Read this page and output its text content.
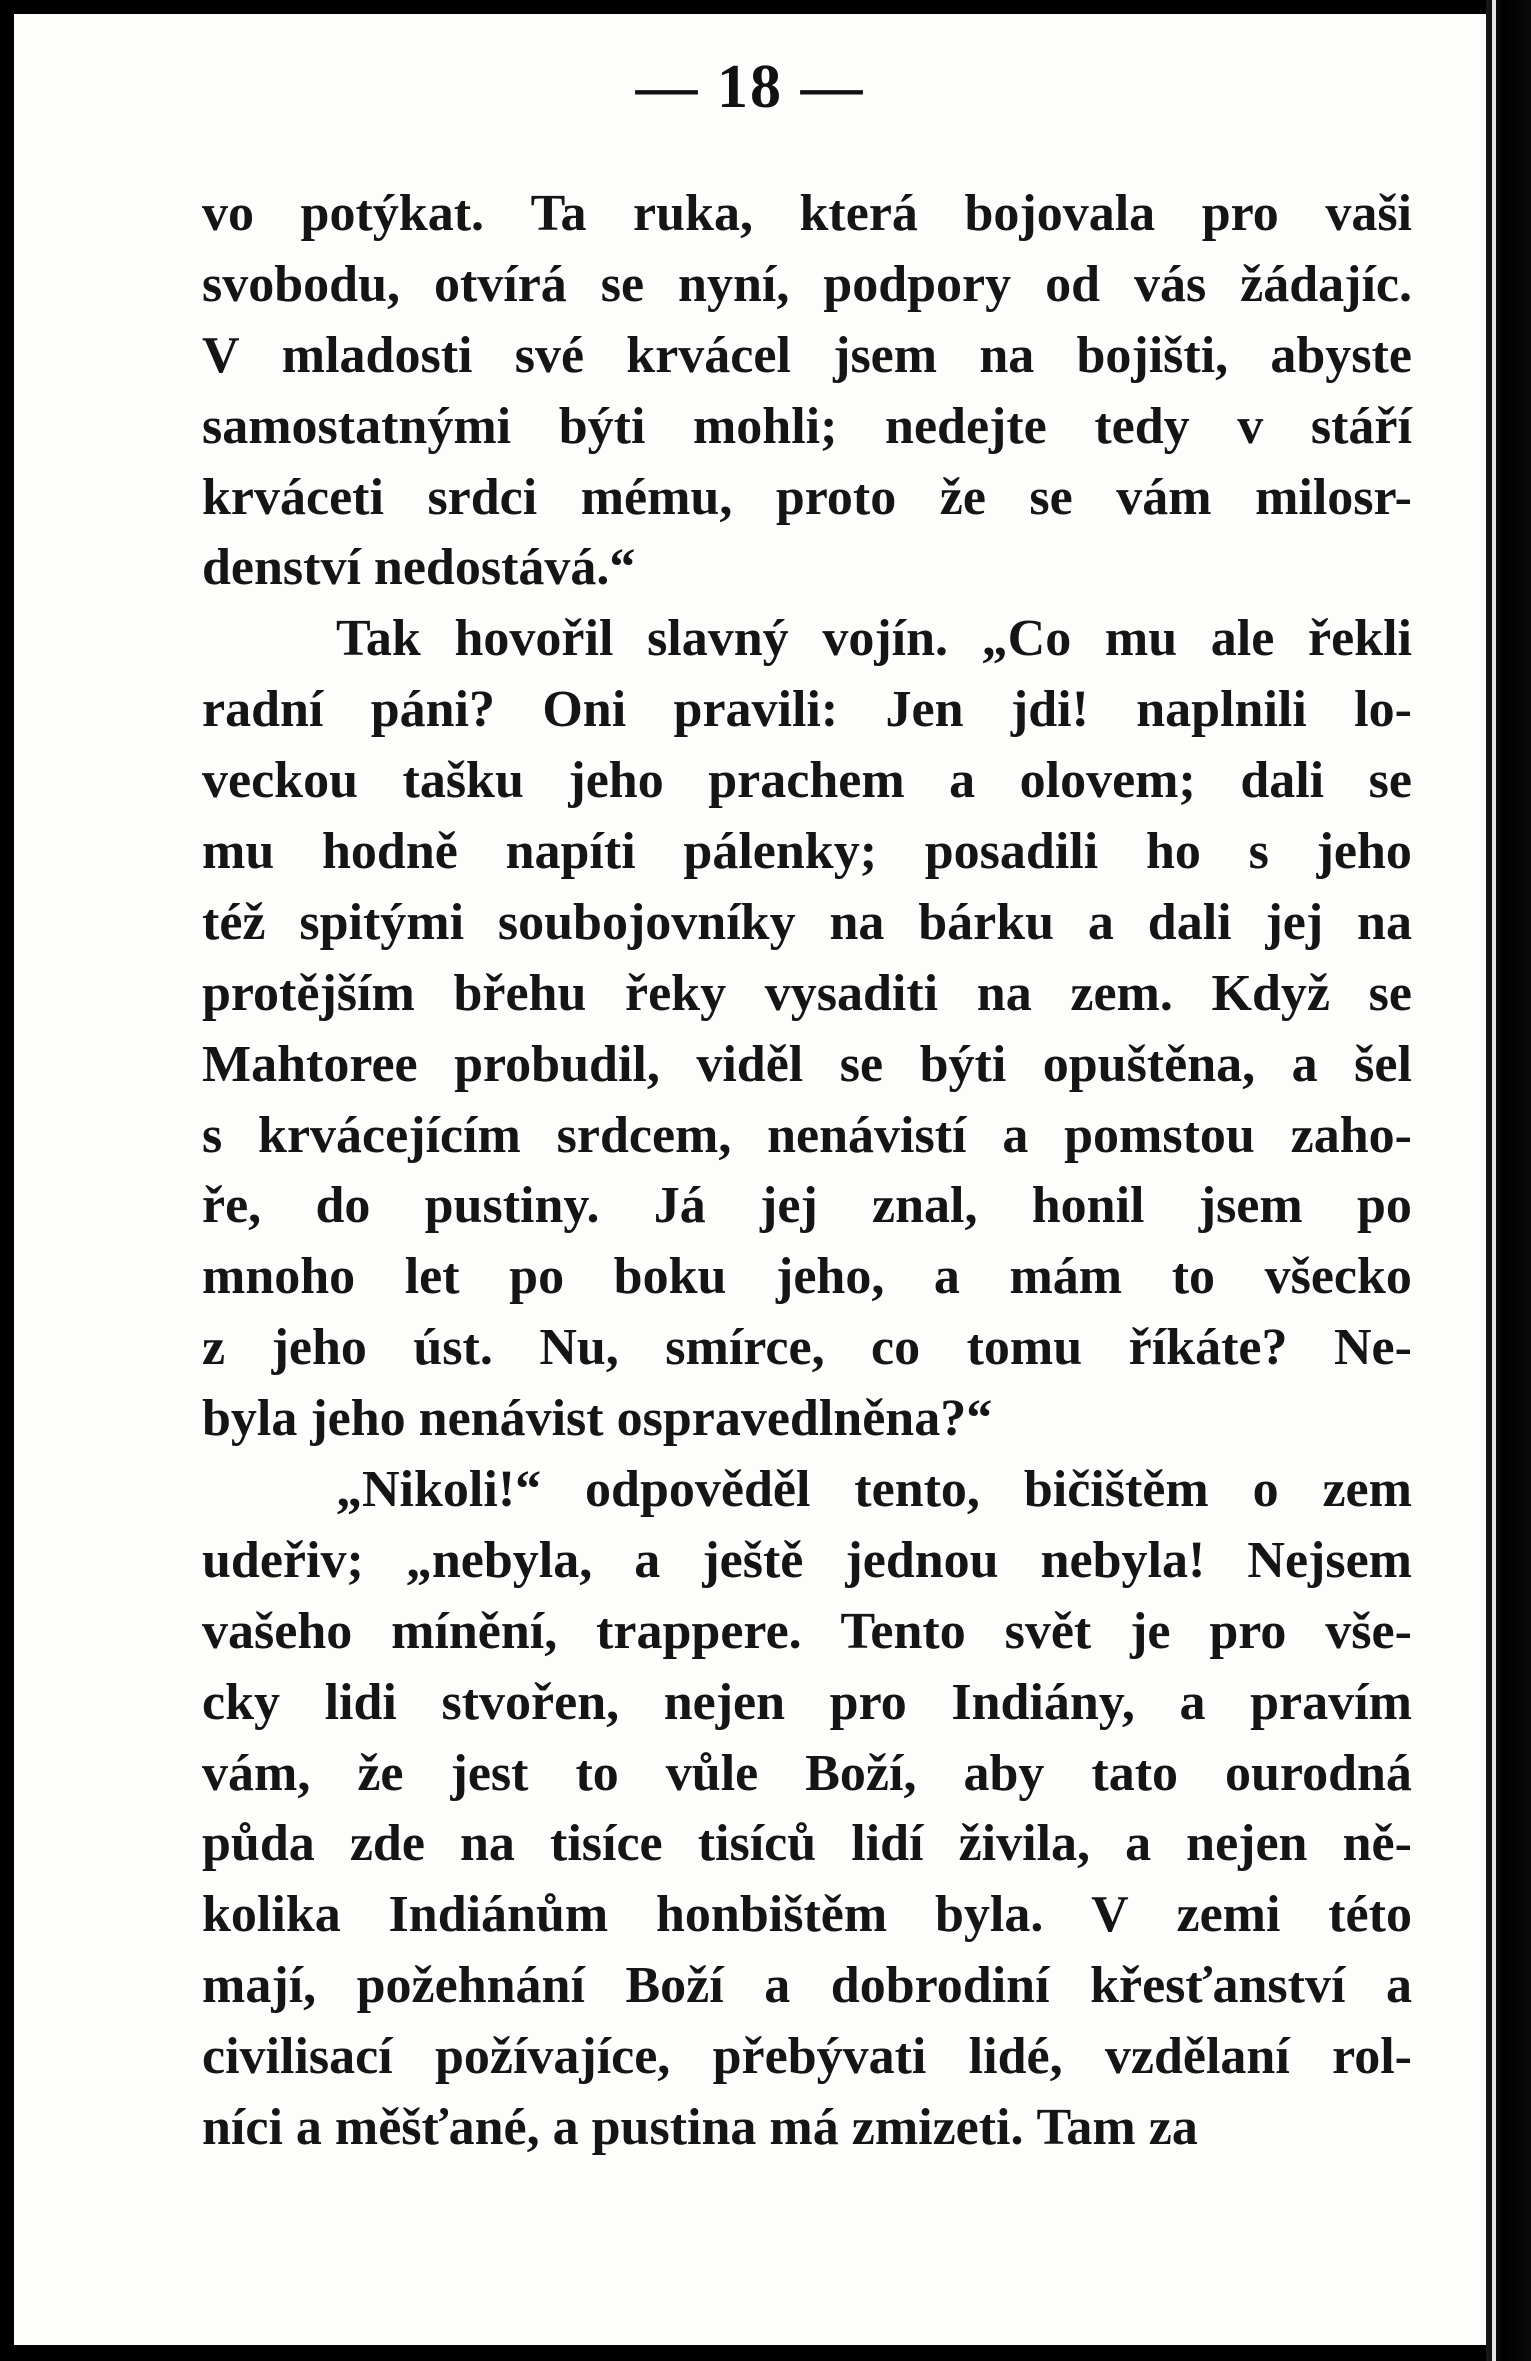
— 18 —
vo potýkat. Ta ruka, která bojovala pro vaši
svobodu, otvírá se nyní, podpory od vás žádajíc.
V mladosti své krvácel jsem na bojišti, abyste
samostatnými býti mohli; nedejte tedy v stáří
krváceti srdci mému, proto že se vám milosr-
denství nedostává.“
Tak hovořil slavný vojín. „Co mu ale řekli
radní páni? Oni pravili: Jen jdi! naplnili lo-
veckou tašku jeho prachem a olovem; dali se
mu hodně napíti pálenky; posadili ho s jeho
též spitými soubojovníky na bárku a dali jej na
protějším břehu řeky vysaditi na zem. Když se
Mahtoree probudil, viděl se býti opuštěna, a šel
s krvácejícím srdcem, nenávistí a pomstou zaho-
ře, do pustiny. Já jej znal, honil jsem po
mnoho let po boku jeho, a mám to všecko
z jeho úst. Nu, smírce, co tomu říkáte? Ne-
byla jeho nenávist ospravedlněna?“
„Nikoli!“ odpověděl tento, bičištěm o zem
udeřiv; „nebyla, a ještě jednou nebyla! Nejsem
vašeho mínění, trappere. Tento svět je pro vše-
cky lidi stvořen, nejen pro Indiány, a pravím
vám, že jest to vůle Boží, aby tato ourodná
půda zde na tisíce tisíců lidí živila, a nejen ně-
kolika Indiánům honbištěm byla. V zemi této
mají, požehnání Boží a dobrodiní křesťanství a
civilisací požívajíce, přebývati lidé, vzdělaní rol-
níci a měšťané, a pustina má zmizeti. Tam za
